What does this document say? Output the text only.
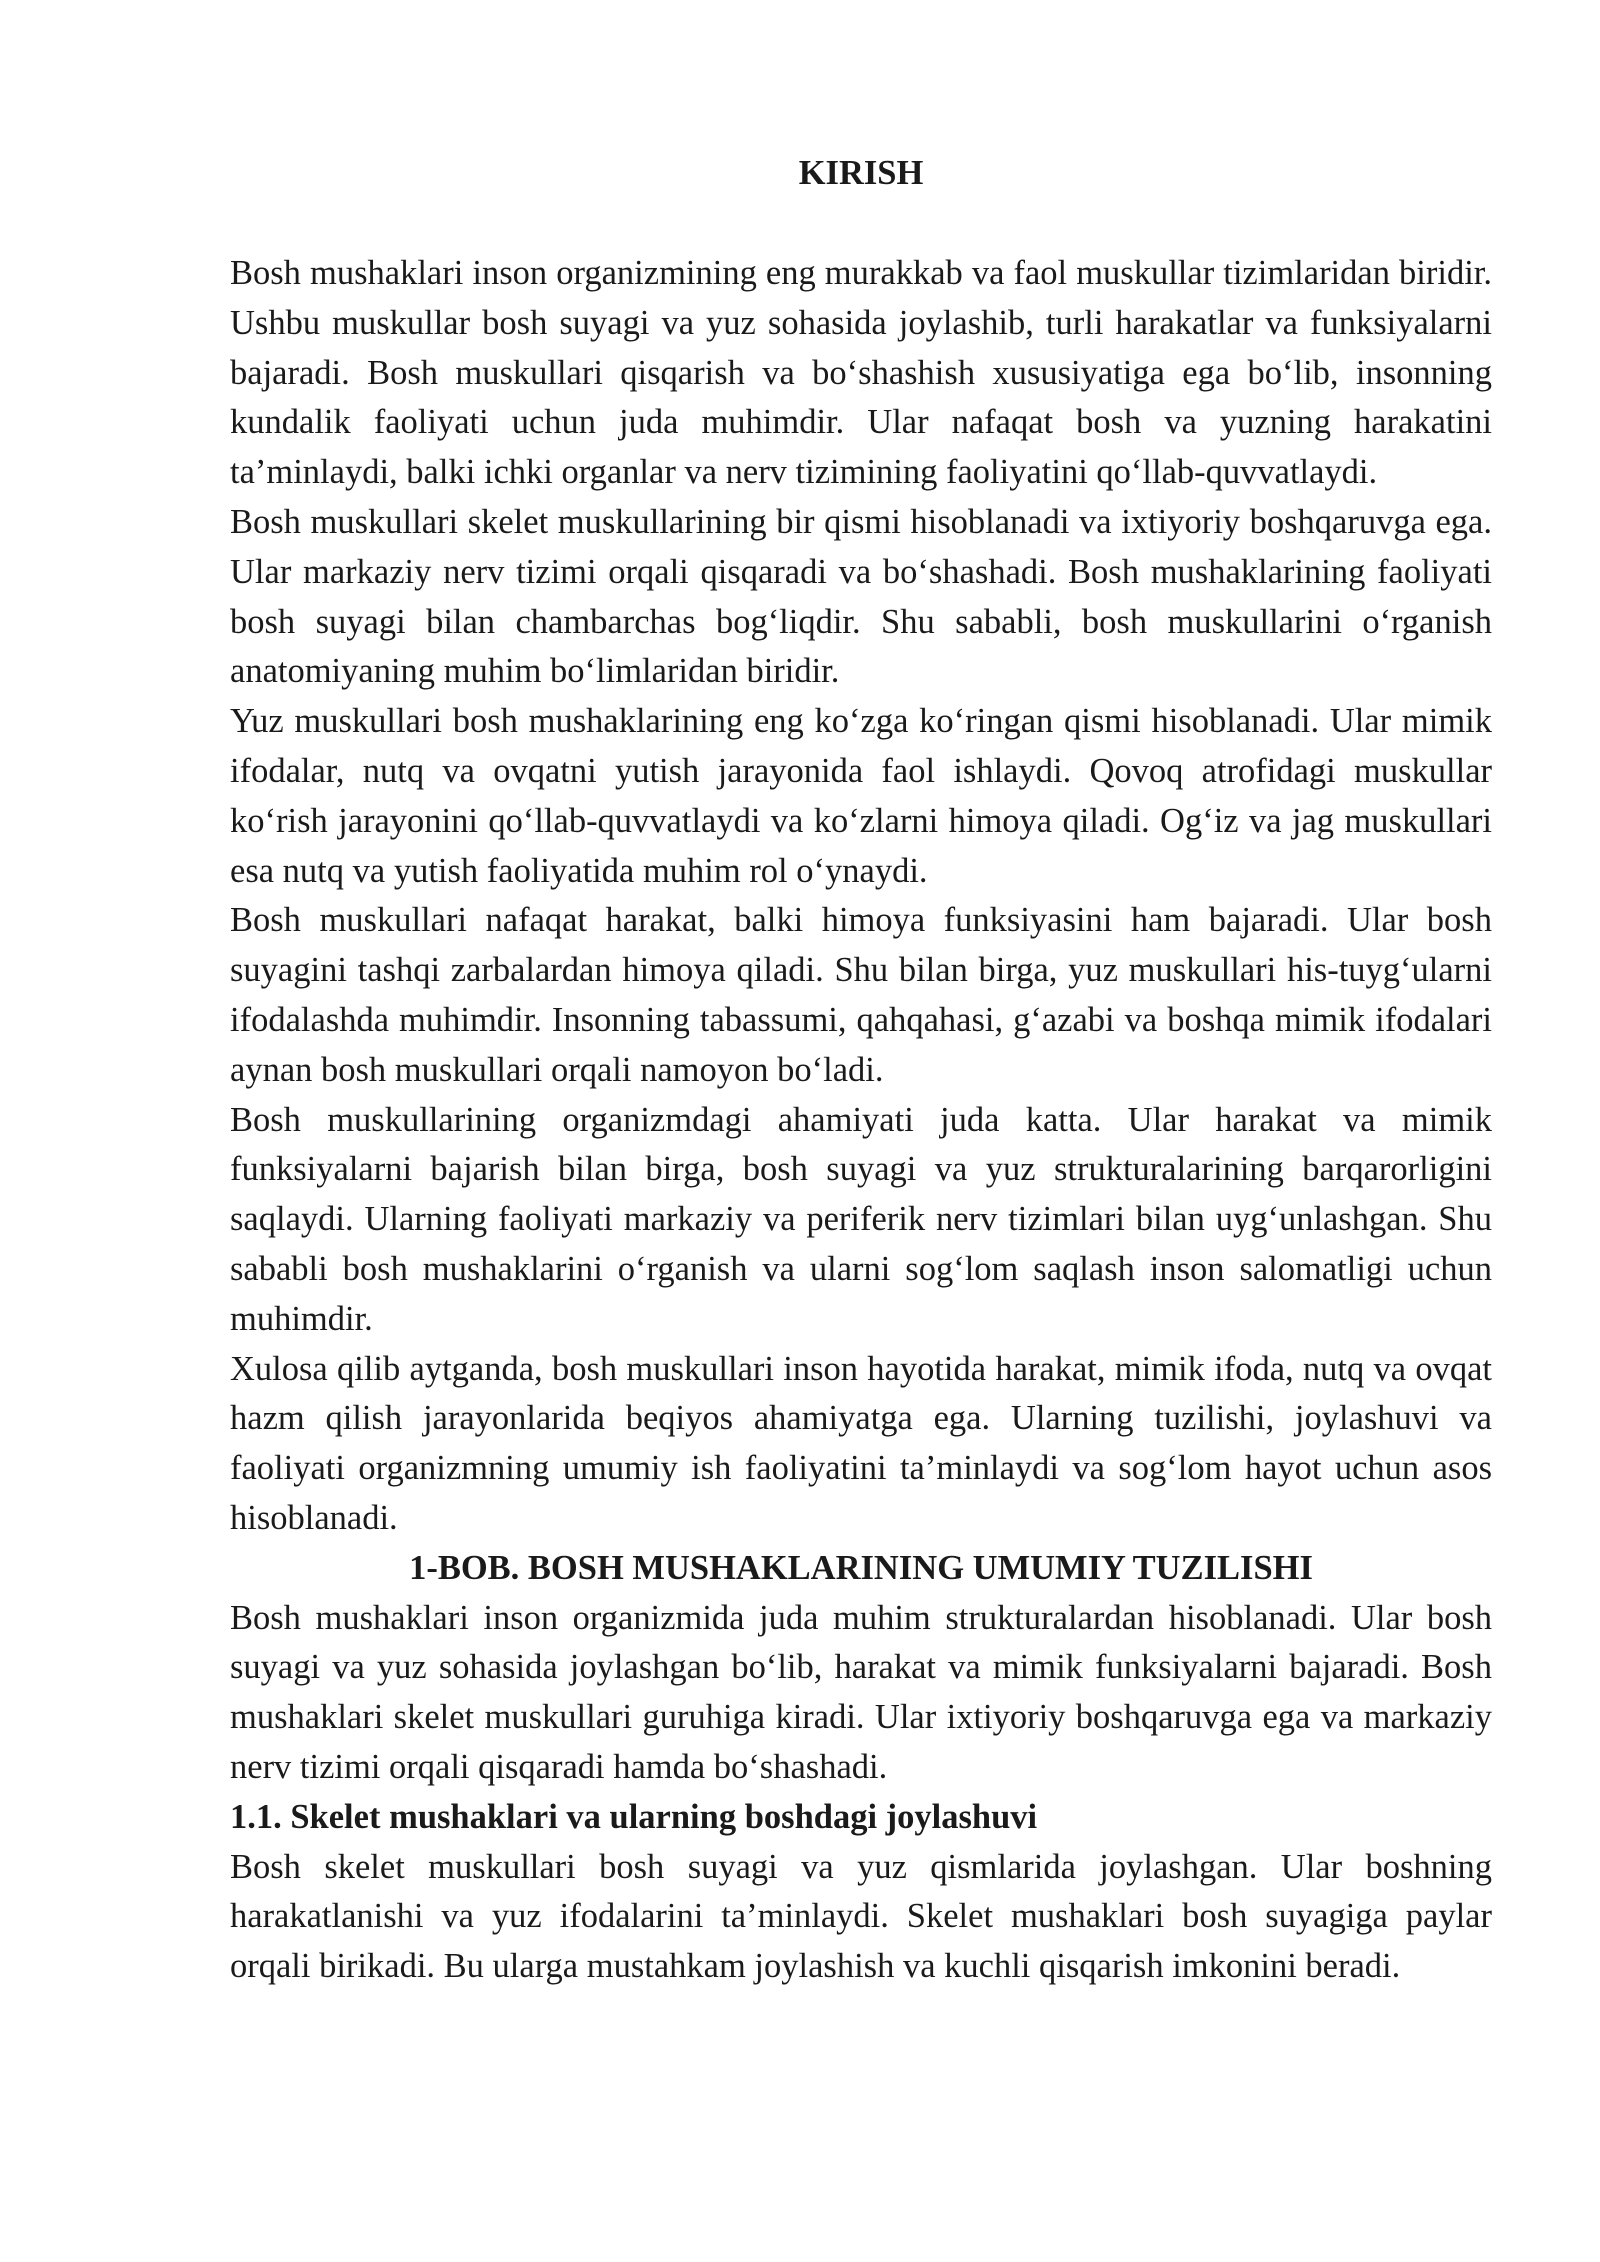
KIRISH

Bosh mushaklari inson organizmining eng murakkab va faol muskullar tizimlaridan biridir. Ushbu muskullar bosh suyagi va yuz sohasida joylashib, turli harakatlar va funksiyalarni bajaradi. Bosh muskullari qisqarish va bo‘shashish xususiyatiga ega bo‘lib, insonning kundalik faoliyati uchun juda muhimdir. Ular nafaqat bosh va yuzning harakatini ta’minlaydi, balki ichki organlar va nerv tizimining faoliyatini qo‘llab-quvvatlaydi.

Bosh muskullari skelet muskullarining bir qismi hisoblanadi va ixtiyoriy boshqaruvga ega. Ular markaziy nerv tizimi orqali qisqaradi va bo‘shashadi. Bosh mushaklarining faoliyati bosh suyagi bilan chambarchas bog‘liqdir. Shu sababli, bosh muskullarini o‘rganish anatomiyaning muhim bo‘limlaridan biridir.

Yuz muskullari bosh mushaklarining eng ko‘zga ko‘ringan qismi hisoblanadi. Ular mimik ifodalar, nutq va ovqatni yutish jarayonida faol ishlaydi. Qovoq atrofidagi muskullar ko‘rish jarayonini qo‘llab-quvvatlaydi va ko‘zlarni himoya qiladi. Og‘iz va jag muskullari esa nutq va yutish faoliyatida muhim rol o‘ynaydi.

Bosh muskullari nafaqat harakat, balki himoya funksiyasini ham bajaradi. Ular bosh suyagini tashqi zarbalardan himoya qiladi. Shu bilan birga, yuz muskullari his-tuyg‘ularni ifodalashda muhimdir. Insonning tabassumi, qahqahasi, g‘azabi va boshqa mimik ifodalari aynan bosh muskullari orqali namoyon bo‘ladi.

Bosh muskullarining organizmdagi ahamiyati juda katta. Ular harakat va mimik funksiyalarni bajarish bilan birga, bosh suyagi va yuz strukturalarining barqarorligini saqlaydi. Ularning faoliyati markaziy va periferik nerv tizimlari bilan uyg‘unlashgan. Shu sababli bosh mushaklarini o‘rganish va ularni sog‘lom saqlash inson salomatligi uchun muhimdir.

Xulosa qilib aytganda, bosh muskullari inson hayotida harakat, mimik ifoda, nutq va ovqat hazm qilish jarayonlarida beqiyos ahamiyatga ega. Ularning tuzilishi, joylashuvi va faoliyati organizmning umumiy ish faoliyatini ta’minlaydi va sog‘lom hayot uchun asos hisoblanadi.

1-BOB. BOSH MUSHAKLARINING UMUMIY TUZILISHI

Bosh mushaklari inson organizmida juda muhim strukturalardan hisoblanadi. Ular bosh suyagi va yuz sohasida joylashgan bo‘lib, harakat va mimik funksiyalarni bajaradi. Bosh mushaklari skelet muskullari guruhiga kiradi. Ular ixtiyoriy boshqaruvga ega va markaziy nerv tizimi orqali qisqaradi hamda bo‘shashadi.

1.1. Skelet mushaklari va ularning boshdagi joylashuvi

Bosh skelet muskullari bosh suyagi va yuz qismlarida joylashgan. Ular boshning harakatlanishi va yuz ifodalarini ta’minlaydi. Skelet mushaklari bosh suyagiga paylar orqali birikadi. Bu ularga mustahkam joylashish va kuchli qisqarish imkonini beradi.
